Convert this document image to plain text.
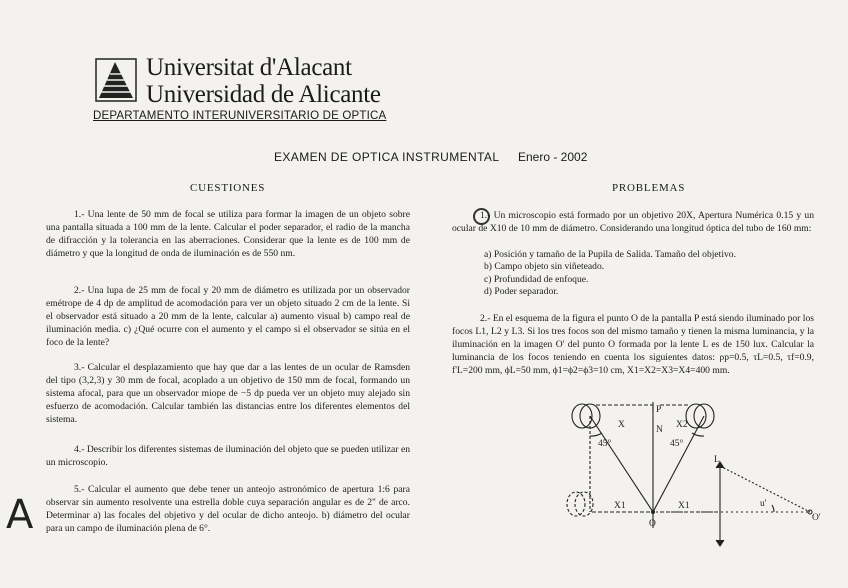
Universitat d'Alacant
Universidad de Alicante
DEPARTAMENTO INTERUNIVERSITARIO DE OPTICA
EXAMEN DE OPTICA INSTRUMENTAL Enero - 2002
CUESTIONES
1.- Una lente de 50 mm de focal se utiliza para formar la imagen de un objeto sobre una pantalla situada a 100 mm de la lente. Calcular el poder separador, el radio de la mancha de difracción y la tolerancia en las aberraciones. Considerar que la lente es de 100 mm de diámetro y que la longitud de onda de iluminación es de 550 nm.
2.- Una lupa de 25 mm de focal y 20 mm de diámetro es utilizada por un observador emétrope de 4 dp de amplitud de acomodación para ver un objeto situado 2 cm de la lente. Si el observador está situado a 20 mm de la lente, calcular a) aumento visual b) campo real de iluminación media. c) ¿Qué ocurre con el aumento y el campo si el observador se sitúa en el foco de la lente?
3.- Calcular el desplazamiento que hay que dar a las lentes de un ocular de Ramsden del tipo (3,2,3) y 30 mm de focal, acoplado a un objetivo de 150 mm de focal, formando un sistema afocal, para que un observador miope de −5 dp pueda ver un objeto muy alejado sin esfuerzo de acomodación. Calcular también las distancias entre los diferentes elementos del sistema.
4.- Describir los diferentes sistemas de iluminación del objeto que se pueden utilizar en un microscopio.
5.- Calcular el aumento que debe tener un anteojo astronómico de apertura 1:6 para observar sin aumento resolvente una estrella doble cuya separación angular es de 2" de arco. Determinar a) las focales del objetivo y del ocular de dicho anteojo. b) diámetro del ocular para un campo de iluminación plena de 6°.
A
PROBLEMAS
1.- Un microscopio está formado por un objetivo 20X, Apertura Numérica 0.15 y un ocular de X10 de 10 mm de diámetro. Considerando una longitud óptica del tubo de 160 mm:
a) Posición y tamaño de la Pupila de Salida. Tamaño del objetivo.
b) Campo objeto sin viñeteado.
c) Profundidad de enfoque.
d) Poder separador.
2.- En el esquema de la figura el punto O de la pantalla P está siendo iluminado por los focos L1, L2 y L3. Si los tres focos son del mismo tamaño y tienen la misma luminancia, y la iluminación en la imagen O' del punto O formada por la lente L es de 150 lux. Calcular la luminancia de los focos teniendo en cuenta los siguientes datos: ρp=0.5, τL=0.5, τf=0.9, f'L=200 mm, ϕL=50 mm, ϕ1=ϕ2=ϕ3=10 cm, X1=X2=X3=X4=400 mm.
P
N
X	X2
45°	45°
X1	X1
L
u'
O
O'
